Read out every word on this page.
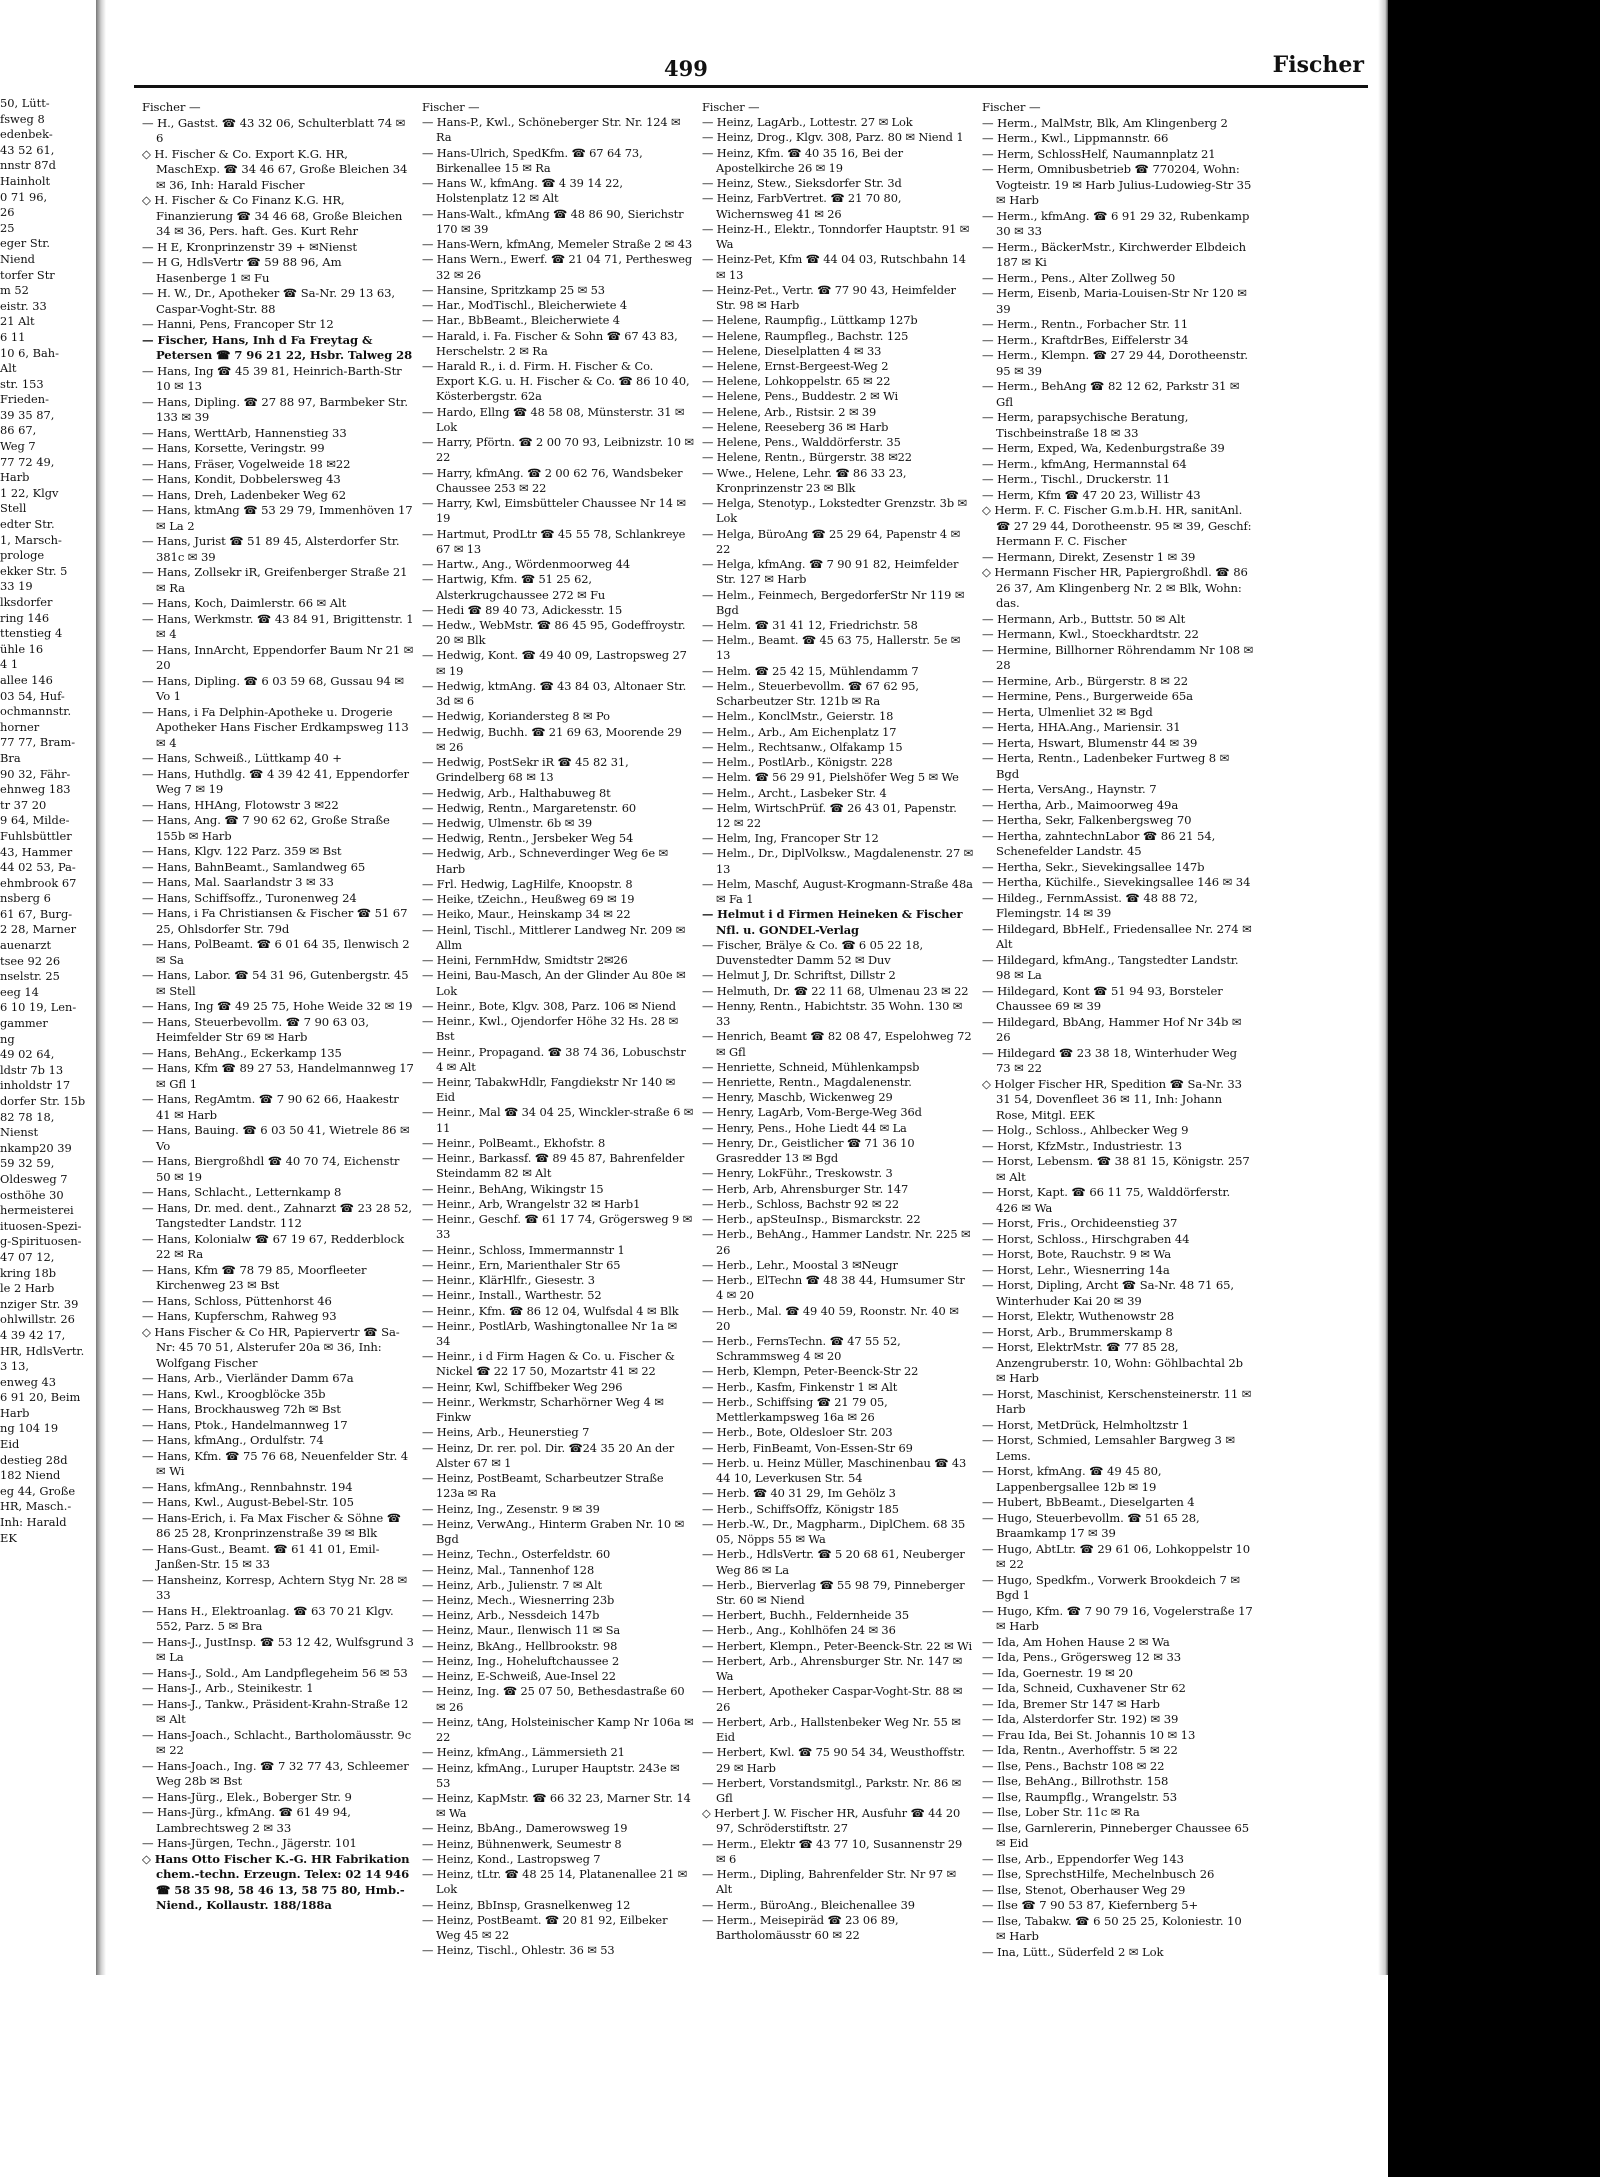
50, Lütt-
fsweg 8
edenbek-
43 52 61,
nnstr 87d
Hainholt
0 71 96,
26
25
eger Str.
Niend
torfer Str
m 52
eistr. 33
21 Alt
6 11
10 6, Bah-
Alt
str. 153
Frieden-
39 35 87,
86 67,
Weg 7
77 72 49,
Harb
1 22, Klgv
Stell
edter Str.
1, Marsch-
prologe
ekker Str. 5
33 19
lksdorfer
ring 146
ttenstieg 4
ühle 16
4 1
allee 146
03 54, Huf-
ochmannstr.
horner
77 77, Bram-
Bra
90 32, Fähr-
ehnweg 183
tr 37 20
9 64, Milde-
Fuhlsbüttler
43, Hammer
44 02 53, Pa-
ehmbrook 67
nsberg 6
61 67, Burg-
2 28, Marner
auenarzt
tsee 92 26
nselstr. 25
eeg 14
6 10 19, Len-
gammer
ng
49 02 64,
ldstr 7b 13
inholdstr 17
dorfer Str. 15b
82 78 18,
Nienst
nkamp20 39
59 32 59,
Oldesweg 7
osthöhe 30
hermeisterei
ituosen-Spezi-
g-Spirituosen-
47 07 12,
kring 18b
le 2 Harb
nziger Str. 39
ohlwillstr. 26
4 39 42 17,
HR, HdlsVertr.
3 13,
enweg 43
6 91 20, Beim
Harb
ng 104 19
Eid
destieg 28d
182 Niend
eg 44, Große
HR, Masch.-
Inh: Harald
EK
499	Fischer
Fischer —
— H., Gastst. ☎ 43 32 06, Schulterblatt 74 ✉ 6
◇ H. Fischer & Co. Export K.G. HR, MaschExp. ☎ 34 46 67, Große Bleichen 34 ✉ 36, Inh: Harald Fischer
◇ H. Fischer & Co Finanz K.G. HR, Finanzierung ☎ 34 46 68, Große Bleichen 34 ✉ 36, Pers. haft. Ges. Kurt Rehr
— H E, Kronprinzenstr 39 + ✉Nienst
— H G, HdlsVertr ☎ 59 88 96, Am Hasenberge 1 ✉ Fu
— H. W., Dr., Apotheker ☎ Sa-Nr. 29 13 63, Caspar-Voght-Str. 88
— Hanni, Pens, Francoper Str 12
— Fischer, Hans, Inh d Fa Freytag & Petersen ☎ 7 96 21 22, Hsbr. Talweg 28
— Hans, Ing ☎ 45 39 81, Heinrich-Barth-Str 10 ✉ 13
— Hans, Dipling. ☎ 27 88 97, Barmbeker Str. 133 ✉ 39
— Hans, WerttArb, Hannenstieg 33
— Hans, Korsette, Veringstr. 99
— Hans, Fräser, Vogelweide 18 ✉22
— Hans, Kondit, Dobbelersweg 43
— Hans, Dreh, Ladenbeker Weg 62
— Hans, ktmAng ☎ 53 29 79, Immenhöven 17 ✉ La 2
— Hans, Jurist ☎ 51 89 45, Alsterdorfer Str. 381c ✉ 39
— Hans, Zollsekr iR, Greifenberger Straße 21 ✉ Ra
— Hans, Koch, Daimlerstr. 66 ✉ Alt
— Hans, Werkmstr. ☎ 43 84 91, Brigittenstr. 1 ✉ 4
— Hans, InnArcht, Eppendorfer Baum Nr 21 ✉ 20
— Hans, Dipling. ☎ 6 03 59 68, Gussau 94 ✉ Vo 1
— Hans, i Fa Delphin-Apotheke u. Drogerie Apotheker Hans Fischer Erdkampsweg 113 ✉ 4
— Hans, Schweiß., Lüttkamp 40 +
— Hans, Huthdlg. ☎ 4 39 42 41, Eppendorfer Weg 7 ✉ 19
— Hans, HHAng, Flotowstr 3 ✉22
— Hans, Ang. ☎ 7 90 62 62, Große Straße 155b ✉ Harb
— Hans, Klgv. 122 Parz. 359 ✉ Bst
— Hans, BahnBeamt., Samlandweg 65
— Hans, Mal. Saarlandstr 3 ✉ 33
— Hans, Schiffsoffz., Turonenweg 24
— Hans, i Fa Christiansen & Fischer ☎ 51 67 25, Ohlsdorfer Str. 79d
— Hans, PolBeamt. ☎ 6 01 64 35, Ilenwisch 2 ✉ Sa
— Hans, Labor. ☎ 54 31 96, Gutenbergstr. 45 ✉ Stell
— Hans, Ing ☎ 49 25 75, Hohe Weide 32 ✉ 19
— Hans, Steuerbevollm. ☎ 7 90 63 03, Heimfelder Str 69 ✉ Harb
— Hans, BehAng., Eckerkamp 135
— Hans, Kfm ☎ 89 27 53, Handelmannweg 17 ✉ Gfl 1
— Hans, RegAmtm. ☎ 7 90 62 66, Haakestr 41 ✉ Harb
— Hans, Bauing. ☎ 6 03 50 41, Wietrele 86 ✉ Vo
— Hans, Biergroßhdl ☎ 40 70 74, Eichenstr 50 ✉ 19
— Hans, Schlacht., Letternkamp 8
— Hans, Dr. med. dent., Zahnarzt ☎ 23 28 52, Tangstedter Landstr. 112
— Hans, Kolonialw ☎ 67 19 67, Redderblock 22 ✉ Ra
— Hans, Kfm ☎ 78 79 85, Moorfleeter Kirchenweg 23 ✉ Bst
— Hans, Schloss, Püttenhorst 46
— Hans, Kupferschm, Rahweg 93
◇ Hans Fischer & Co HR, Papiervertr ☎ Sa-Nr: 45 70 51, Alsterufer 20a ✉ 36, Inh: Wolfgang Fischer
— Hans, Arb., Vierländer Damm 67a
— Hans, Kwl., Kroogblöcke 35b
— Hans, Brockhausweg 72h ✉ Bst
— Hans, Ptok., Handelmannweg 17
— Hans, kfmAng., Ordulfstr. 74
— Hans, Kfm. ☎ 75 76 68, Neuenfelder Str. 4 ✉ Wi
— Hans, kfmAng., Rennbahnstr. 194
— Hans, Kwl., August-Bebel-Str. 105
— Hans-Erich, i. Fa Max Fischer & Söhne ☎ 86 25 28, Kronprinzenstraße 39 ✉ Blk
— Hans-Gust., Beamt. ☎ 61 41 01, Emil-Janßen-Str. 15 ✉ 33
— Hansheinz, Korresp, Achtern Styg Nr. 28 ✉ 33
— Hans H., Elektroanlag. ☎ 63 70 21 Klgv. 552, Parz. 5 ✉ Bra
— Hans-J., JustInsp. ☎ 53 12 42, Wulfsgrund 3 ✉ La
— Hans-J., Sold., Am Landpflegeheim 56 ✉ 53
— Hans-J., Arb., Steinikestr. 1
— Hans-J., Tankw., Präsident-Krahn-Straße 12 ✉ Alt
— Hans-Joach., Schlacht., Bartholomäusstr. 9c ✉ 22
— Hans-Joach., Ing. ☎ 7 32 77 43, Schleemer Weg 28b ✉ Bst
— Hans-Jürg., Elek., Boberger Str. 9
— Hans-Jürg., kfmAng. ☎ 61 49 94, Lambrechtsweg 2 ✉ 33
— Hans-Jürgen, Techn., Jägerstr. 101
◇ Hans Otto Fischer K.-G. HR Fabrikation chem.-techn. Erzeugn. Telex: 02 14 946 ☎ 58 35 98, 58 46 13, 58 75 80, Hmb.-Niend., Kollaustr. 188/188a
Fischer —
— Hans-P., Kwl., Schöneberger Str. Nr. 124 ✉ Ra
— Hans-Ulrich, SpedKfm. ☎ 67 64 73, Birkenallee 15 ✉ Ra
— Hans W., kfmAng. ☎ 4 39 14 22, Holstenplatz 12 ✉ Alt
— Hans-Walt., kfmAng ☎ 48 86 90, Sierichstr 170 ✉ 39
— Hans-Wern, kfmAng, Memeler Straße 2 ✉ 43
— Hans Wern., Ewerf. ☎ 21 04 71, Perthesweg 32 ✉ 26
— Hansine, Spritzkamp 25 ✉ 53
— Har., ModTischl., Bleicherwiete 4
— Har., BbBeamt., Bleicherwiete 4
— Harald, i. Fa. Fischer & Sohn ☎ 67 43 83, Herschelstr. 2 ✉ Ra
— Harald R., i. d. Firm. H. Fischer & Co. Export K.G. u. H. Fischer & Co. ☎ 86 10 40, Kösterbergstr. 62a
— Hardo, Ellng ☎ 48 58 08, Münsterstr. 31 ✉ Lok
— Harry, Pförtn. ☎ 2 00 70 93, Leibnizstr. 10 ✉ 22
— Harry, kfmAng. ☎ 2 00 62 76, Wandsbeker Chaussee 253 ✉ 22
— Harry, Kwl, Eimsbütteler Chaussee Nr 14 ✉ 19
— Hartmut, ProdLtr ☎ 45 55 78, Schlankreye 67 ✉ 13
— Hartw., Ang., Wördenmoorweg 44
— Hartwig, Kfm. ☎ 51 25 62, Alsterkrugchaussee 272 ✉ Fu
— Hedi ☎ 89 40 73, Adickesstr. 15
— Hedw., WebMstr. ☎ 86 45 95, Godeffroystr. 20 ✉ Blk
— Hedwig, Kont. ☎ 49 40 09, Lastropsweg 27 ✉ 19
— Hedwig, ktmAng. ☎ 43 84 03, Altonaer Str. 3d ✉ 6
— Hedwig, Koriandersteg 8 ✉ Po
— Hedwig, Buchh. ☎ 21 69 63, Moorende 29 ✉ 26
— Hedwig, PostSekr iR ☎ 45 82 31, Grindelberg 68 ✉ 13
— Hedwig, Arb., Halthabuweg 8t
— Hedwig, Rentn., Margaretenstr. 60
— Hedwig, Ulmenstr. 6b ✉ 39
— Hedwig, Rentn., Jersbeker Weg 54
— Hedwig, Arb., Schneverdinger Weg 6e ✉ Harb
— Frl. Hedwig, LagHilfe, Knoopstr. 8
— Heike, tZeichn., Heußweg 69 ✉ 19
— Heiko, Maur., Heinskamp 34 ✉ 22
— Heinl, Tischl., Mittlerer Landweg Nr. 209 ✉ Allm
— Heini, FernmHdw, Smidtstr 2✉26
— Heini, Bau-Masch, An der Glinder Au 80e ✉ Lok
— Heinr., Bote, Klgv. 308, Parz. 106 ✉ Niend
— Heinr., Kwl., Ojendorfer Höhe 32 Hs. 28 ✉ Bst
— Heinr., Propagand. ☎ 38 74 36, Lobuschstr 4 ✉ Alt
— Heinr, TabakwHdlr, Fangdiekstr Nr 140 ✉ Eid
— Heinr., Mal ☎ 34 04 25, Winckler-straße 6 ✉ 11
— Heinr., PolBeamt., Ekhofstr. 8
— Heinr., Barkassf. ☎ 89 45 87, Bahrenfelder Steindamm 82 ✉ Alt
— Heinr., BehAng, Wikingstr 15
— Heinr., Arb, Wrangelstr 32 ✉ Harb1
— Heinr., Geschf. ☎ 61 17 74, Grögersweg 9 ✉ 33
— Heinr., Schloss, Immermannstr 1
— Heinr., Ern, Marienthaler Str 65
— Heinr., KlärHlfr., Giesestr. 3
— Heinr., Install., Warthestr. 52
— Heinr., Kfm. ☎ 86 12 04, Wulfsdal 4 ✉ Blk
— Heinr., PostlArb, Washingtonallee Nr 1a ✉ 34
— Heinr., i d Firm Hagen & Co. u. Fischer & Nickel ☎ 22 17 50, Mozartstr 41 ✉ 22
— Heinr, Kwl, Schiffbeker Weg 296
— Heinr., Werkmstr, Scharhörner Weg 4 ✉ Finkw
— Heins, Arb., Heunerstieg 7
— Heinz, Dr. rer. pol. Dir. ☎24 35 20 An der Alster 67 ✉ 1
— Heinz, PostBeamt, Scharbeutzer Straße 123a ✉ Ra
— Heinz, Ing., Zesenstr. 9 ✉ 39
— Heinz, VerwAng., Hinterm Graben Nr. 10 ✉ Bgd
— Heinz, Techn., Osterfeldstr. 60
— Heinz, Mal., Tannenhof 128
— Heinz, Arb., Julienstr. 7 ✉ Alt
— Heinz, Mech., Wiesnerring 23b
— Heinz, Arb., Nessdeich 147b
— Heinz, Maur., Ilenwisch 11 ✉ Sa
— Heinz, BkAng., Hellbrookstr. 98
— Heinz, Ing., Hoheluftchaussee 2
— Heinz, E-Schweiß, Aue-Insel 22
— Heinz, Ing. ☎ 25 07 50, Bethesdastraße 60 ✉ 26
— Heinz, tAng, Holsteinischer Kamp Nr 106a ✉ 22
— Heinz, kfmAng., Lämmersieth 21
— Heinz, kfmAng., Luruper Hauptstr. 243e ✉ 53
— Heinz, KapMstr. ☎ 66 32 23, Marner Str. 14 ✉ Wa
— Heinz, BbAng., Damerowsweg 19
— Heinz, Bühnenwerk, Seumestr 8
— Heinz, Kond., Lastropsweg 7
— Heinz, tLtr. ☎ 48 25 14, Platanenallee 21 ✉ Lok
— Heinz, BbInsp, Grasnelkenweg 12
— Heinz, PostBeamt. ☎ 20 81 92, Eilbeker Weg 45 ✉ 22
— Heinz, Tischl., Ohlestr. 36 ✉ 53
Fischer —
— Heinz, LagArb., Lottestr. 27 ✉ Lok
— Heinz, Drog., Klgv. 308, Parz. 80 ✉ Niend 1
— Heinz, Kfm. ☎ 40 35 16, Bei der Apostelkirche 26 ✉ 19
— Heinz, Stew., Sieksdorfer Str. 3d
— Heinz, FarbVertret. ☎ 21 70 80, Wichernsweg 41 ✉ 26
— Heinz-H., Elektr., Tonndorfer Hauptstr. 91 ✉ Wa
— Heinz-Pet, Kfm ☎ 44 04 03, Rutschbahn 14 ✉ 13
— Heinz-Pet., Vertr. ☎ 77 90 43, Heimfelder Str. 98 ✉ Harb
— Helene, Raumpfig., Lüttkamp 127b
— Helene, Raumpfleg., Bachstr. 125
— Helene, Dieselplatten 4 ✉ 33
— Helene, Ernst-Bergeest-Weg 2
— Helene, Lohkoppelstr. 65 ✉ 22
— Helene, Pens., Buddestr. 2 ✉ Wi
— Helene, Arb., Ristsir. 2 ✉ 39
— Helene, Reeseberg 36 ✉ Harb
— Helene, Pens., Walddörferstr. 35
— Helene, Rentn., Bürgerstr. 38 ✉22
— Wwe., Helene, Lehr. ☎ 86 33 23, Kronprinzenstr 23 ✉ Blk
— Helga, Stenotyp., Lokstedter Grenzstr. 3b ✉ Lok
— Helga, BüroAng ☎ 25 29 64, Papenstr 4 ✉ 22
— Helga, kfmAng. ☎ 7 90 91 82, Heimfelder Str. 127 ✉ Harb
— Helm., Feinmech, BergedorferStr Nr 119 ✉ Bgd
— Helm. ☎ 31 41 12, Friedrichstr. 58
— Helm., Beamt. ☎ 45 63 75, Hallerstr. 5e ✉ 13
— Helm. ☎ 25 42 15, Mühlendamm 7
— Helm., Steuerbevollm. ☎ 67 62 95, Scharbeutzer Str. 121b ✉ Ra
— Helm., KonclMstr., Geierstr. 18
— Helm., Arb., Am Eichenplatz 17
— Helm., Rechtsanw., Olfakamp 15
— Helm., PostlArb., Königstr. 228
— Helm. ☎ 56 29 91, Pielshöfer Weg 5 ✉ We
— Helm., Archt., Lasbeker Str. 4
— Helm, WirtschPrüf. ☎ 26 43 01, Papenstr. 12 ✉ 22
— Helm, Ing, Francoper Str 12
— Helm., Dr., DiplVolksw., Magdalenenstr. 27 ✉ 13
— Helm, Maschf, August-Krogmann-Straße 48a ✉ Fa 1
— Helmut i d Firmen Heineken & Fischer Nfl. u. GONDEL-Verlag
— Fischer, Brälye & Co. ☎ 6 05 22 18, Duvenstedter Damm 52 ✉ Duv
— Helmut J, Dr. Schriftst, Dillstr 2
— Helmuth, Dr. ☎ 22 11 68, Ulmenau 23 ✉ 22
— Henny, Rentn., Habichtstr. 35 Wohn. 130 ✉ 33
— Henrich, Beamt ☎ 82 08 47, Espelohweg 72 ✉ Gfl
— Henriette, Schneid, Mühlenkampsb
— Henriette, Rentn., Magdalenenstr.
— Henry, Maschb, Wickenweg 29
— Henry, LagArb, Vom-Berge-Weg 36d
— Henry, Pens., Hohe Liedt 44 ✉ La
— Henry, Dr., Geistlicher ☎ 71 36 10 Grasredder 13 ✉ Bgd
— Henry, LokFühr., Treskowstr. 3
— Herb, Arb, Ahrensburger Str. 147
— Herb., Schloss, Bachstr 92 ✉ 22
— Herb., apSteuInsp., Bismarckstr. 22
— Herb., BehAng., Hammer Landstr. Nr. 225 ✉ 26
— Herb., Lehr., Moostal 3 ✉Neugr
— Herb., ElTechn ☎ 48 38 44, Humsumer Str 4 ✉ 20
— Herb., Mal. ☎ 49 40 59, Roonstr. Nr. 40 ✉ 20
— Herb., FernsTechn. ☎ 47 55 52, Schrammsweg 4 ✉ 20
— Herb, Klempn, Peter-Beenck-Str 22
— Herb., Kasfm, Finkenstr 1 ✉ Alt
— Herb., Schiffsing ☎ 21 79 05, Mettlerkampsweg 16a ✉ 26
— Herb., Bote, Oldesloer Str. 203
— Herb, FinBeamt, Von-Essen-Str 69
— Herb. u. Heinz Müller, Maschinenbau ☎ 43 44 10, Leverkusen Str. 54
— Herb. ☎ 40 31 29, Im Gehölz 3
— Herb., SchiffsOffz, Königstr 185
— Herb.-W., Dr., Magpharm., DiplChem. 68 35 05, Nöpps 55 ✉ Wa
— Herb., HdlsVertr. ☎ 5 20 68 61, Neuberger Weg 86 ✉ La
— Herb., Bierverlag ☎ 55 98 79, Pinneberger Str. 60 ✉ Niend
— Herbert, Buchh., Feldernheide 35
— Herb., Ang., Kohlhöfen 24 ✉ 36
— Herbert, Klempn., Peter-Beenck-Str. 22 ✉ Wi
— Herbert, Arb., Ahrensburger Str. Nr. 147 ✉ Wa
— Herbert, Apotheker Caspar-Voght-Str. 88 ✉ 26
— Herbert, Arb., Hallstenbeker Weg Nr. 55 ✉ Eid
— Herbert, Kwl. ☎ 75 90 54 34, Weusthoffstr. 29 ✉ Harb
— Herbert, Vorstandsmitgl., Parkstr. Nr. 86 ✉ Gfl
◇ Herbert J. W. Fischer HR, Ausfuhr ☎ 44 20 97, Schröderstiftstr. 27
— Herm., Elektr ☎ 43 77 10, Susannenstr 29 ✉ 6
— Herm., Dipling, Bahrenfelder Str. Nr 97 ✉ Alt
— Herm., BüroAng., Bleichenallee 39
— Herm., Meisepiräd ☎ 23 06 89, Bartholomäusstr 60 ✉ 22
Fischer —
— Herm., MalMstr, Blk, Am Klingenberg 2
— Herm., Kwl., Lippmannstr. 66
— Herm, SchlossHelf, Naumannplatz 21
— Herm, Omnibusbetrieb ☎ 770204, Wohn: Vogteistr. 19 ✉ Harb Julius-Ludowieg-Str 35 ✉ Harb
— Herm., kfmAng. ☎ 6 91 29 32, Rubenkamp 30 ✉ 33
— Herm., BäckerMstr., Kirchwerder Elbdeich 187 ✉ Ki
— Herm., Pens., Alter Zollweg 50
— Herm, Eisenb, Maria-Louisen-Str Nr 120 ✉ 39
— Herm., Rentn., Forbacher Str. 11
— Herm., KraftdrBes, Eiffelerstr 34
— Herm., Klempn. ☎ 27 29 44, Dorotheenstr. 95 ✉ 39
— Herm., BehAng ☎ 82 12 62, Parkstr 31 ✉ Gfl
— Herm, parapsychische Beratung, Tischbeinstraße 18 ✉ 33
— Herm, Exped, Wa, Kedenburgstraße 39
— Herm., kfmAng, Hermannstal 64
— Herm., Tischl., Druckerstr. 11
— Herm, Kfm ☎ 47 20 23, Willistr 43
◇ Herm. F. C. Fischer G.m.b.H. HR, sanitAnl. ☎ 27 29 44, Dorotheenstr. 95 ✉ 39, Geschf: Hermann F. C. Fischer
— Hermann, Direkt, Zesenstr 1 ✉ 39
◇ Hermann Fischer HR, Papiergroßhdl. ☎ 86 26 37, Am Klingenberg Nr. 2 ✉ Blk, Wohn: das.
— Hermann, Arb., Buttstr. 50 ✉ Alt
— Hermann, Kwl., Stoeckhardtstr. 22
— Hermine, Billhorner Röhrendamm Nr 108 ✉ 28
— Hermine, Arb., Bürgerstr. 8 ✉ 22
— Hermine, Pens., Burgerweide 65a
— Herta, Ulmenliet 32 ✉ Bgd
— Herta, HHA.Ang., Mariensir. 31
— Herta, Hswart, Blumenstr 44 ✉ 39
— Herta, Rentn., Ladenbeker Furtweg 8 ✉ Bgd
— Herta, VersAng., Haynstr. 7
— Hertha, Arb., Maimoorweg 49a
— Hertha, Sekr, Falkenbergsweg 70
— Hertha, zahntechnLabor ☎ 86 21 54, Schenefelder Landstr. 45
— Hertha, Sekr., Sievekingsallee 147b
— Hertha, Küchilfe., Sievekingsallee 146 ✉ 34
— Hildeg., FernmAssist. ☎ 48 88 72, Flemingstr. 14 ✉ 39
— Hildegard, BbHelf., Friedensallee Nr. 274 ✉ Alt
— Hildegard, kfmAng., Tangstedter Landstr. 98 ✉ La
— Hildegard, Kont ☎ 51 94 93, Borsteler Chaussee 69 ✉ 39
— Hildegard, BbAng, Hammer Hof Nr 34b ✉ 26
— Hildegard ☎ 23 38 18, Winterhuder Weg 73 ✉ 22
◇ Holger Fischer HR, Spedition ☎ Sa-Nr. 33 31 54, Dovenfleet 36 ✉ 11, Inh: Johann Rose, Mitgl. EEK
— Holg., Schloss., Ahlbecker Weg 9
— Horst, KfzMstr., Industriestr. 13
— Horst, Lebensm. ☎ 38 81 15, Königstr. 257 ✉ Alt
— Horst, Kapt. ☎ 66 11 75, Walddörferstr. 426 ✉ Wa
— Horst, Fris., Orchideenstieg 37
— Horst, Schloss., Hirschgraben 44
— Horst, Bote, Rauchstr. 9 ✉ Wa
— Horst, Lehr., Wiesnerring 14a
— Horst, Dipling, Archt ☎ Sa-Nr. 48 71 65, Winterhuder Kai 20 ✉ 39
— Horst, Elektr, Wuthenowstr 28
— Horst, Arb., Brummerskamp 8
— Horst, ElektrMstr. ☎ 77 85 28, Anzengruberstr. 10, Wohn: Göhlbachtal 2b ✉ Harb
— Horst, Maschinist, Kerschensteinerstr. 11 ✉ Harb
— Horst, MetDrück, Helmholtzstr 1
— Horst, Schmied, Lemsahler Bargweg 3 ✉ Lems.
— Horst, kfmAng. ☎ 49 45 80, Lappenbergsallee 12b ✉ 19
— Hubert, BbBeamt., Dieselgarten 4
— Hugo, Steuerbevollm. ☎ 51 65 28, Braamkamp 17 ✉ 39
— Hugo, AbtLtr. ☎ 29 61 06, Lohkoppelstr 10 ✉ 22
— Hugo, Spedkfm., Vorwerk Brookdeich 7 ✉ Bgd 1
— Hugo, Kfm. ☎ 7 90 79 16, Vogelerstraße 17 ✉ Harb
— Ida, Am Hohen Hause 2 ✉ Wa
— Ida, Pens., Grögersweg 12 ✉ 33
— Ida, Goernestr. 19 ✉ 20
— Ida, Schneid, Cuxhavener Str 62
— Ida, Bremer Str 147 ✉ Harb
— Ida, Alsterdorfer Str. 192) ✉ 39
— Frau Ida, Bei St. Johannis 10 ✉ 13
— Ida, Rentn., Averhoffstr. 5 ✉ 22
— Ilse, Pens., Bachstr 108 ✉ 22
— Ilse, BehAng., Billrothstr. 158
— Ilse, Raumpflg., Wrangelstr. 53
— Ilse, Lober Str. 11c ✉ Ra
— Ilse, Garnlererin, Pinneberger Chaussee 65 ✉ Eid
— Ilse, Arb., Eppendorfer Weg 143
— Ilse, SprechstHilfe, Mechelnbusch 26
— Ilse, Stenot, Oberhauser Weg 29
— Ilse ☎ 7 90 53 87, Kiefernberg 5+
— Ilse, Tabakw. ☎ 6 50 25 25, Koloniestr. 10 ✉ Harb
— Ina, Lütt., Süderfeld 2 ✉ Lok
